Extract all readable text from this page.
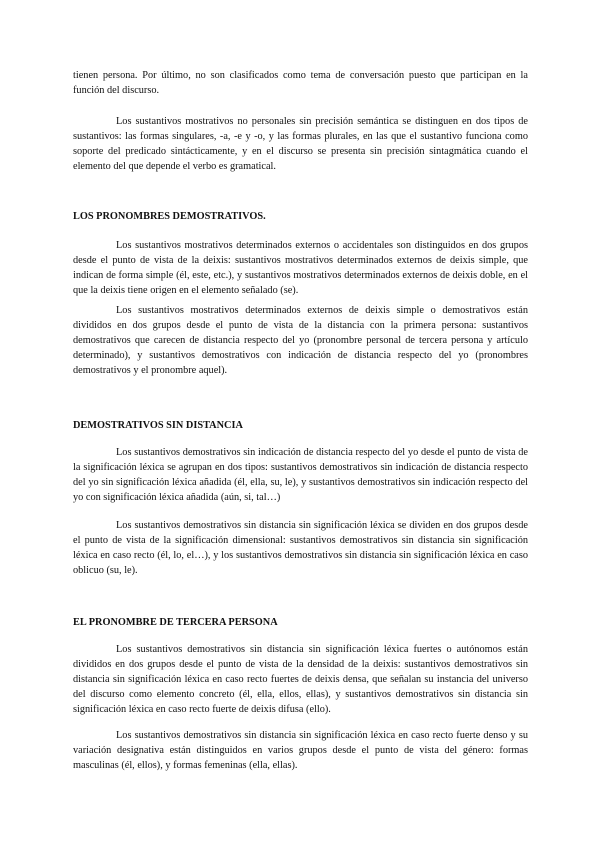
tienen persona. Por último, no son clasificados como tema de conversación puesto que participan en la función del discurso.

Los sustantivos mostrativos no personales sin precisión semántica se distinguen en dos tipos de sustantivos: las formas singulares, -a, -e y -o, y las formas plurales, en las que el sustantivo funciona como soporte del predicado sintácticamente, y en el discurso se presenta sin precisión sintagmática cuando el elemento del que depende el verbo es gramatical.

LOS PRONOMBRES DEMOSTRATIVOS.

Los sustantivos mostrativos determinados externos o accidentales son distinguidos en dos grupos desde el punto de vista de la deixis: sustantivos mostrativos determinados externos de deixis simple, que indican de forma simple (él, este, etc.), y sustantivos mostrativos determinados externos de deixis doble, en el que la deixis tiene origen en el elemento señalado (se).

Los sustantivos mostrativos determinados externos de deixis simple o demostrativos están divididos en dos grupos desde el punto de vista de la distancia con la primera persona: sustantivos demostrativos que carecen de distancia respecto del yo (pronombre personal de tercera persona y artículo determinado), y sustantivos demostrativos con indicación de distancia respecto del yo (pronombres demostrativos y el pronombre aquel).

DEMOSTRATIVOS SIN DISTANCIA

Los sustantivos demostrativos sin indicación de distancia respecto del yo desde el punto de vista de la significación léxica se agrupan en dos tipos: sustantivos demostrativos sin indicación de distancia respecto del yo sin significación léxica añadida (él, ella, su, le), y sustantivos demostrativos sin indicación respecto del yo con significación léxica añadida (aún, si, tal…)

Los sustantivos demostrativos sin distancia sin significación léxica se dividen en dos grupos desde el punto de vista de la significación dimensional: sustantivos demostrativos sin distancia sin significación léxica en caso recto (él, lo, el…), y los sustantivos demostrativos sin distancia sin significación léxica en caso oblicuo (su, le).

EL PRONOMBRE DE TERCERA PERSONA

Los sustantivos demostrativos sin distancia sin significación léxica fuertes o autónomos están divididos en dos grupos desde el punto de vista de la densidad de la deixis: sustantivos demostrativos sin distancia sin significación léxica en caso recto fuertes de deixis densa, que señalan su instancia del universo del discurso como elemento concreto (él, ella, ellos, ellas), y sustantivos demostrativos sin distancia sin significación léxica en caso recto fuerte de deixis difusa (ello).

Los sustantivos demostrativos sin distancia sin significación léxica en caso recto fuerte denso y su variación designativa están distinguidos en varios grupos desde el punto de vista del género: formas masculinas (él, ellos), y formas femeninas (ella, ellas).
